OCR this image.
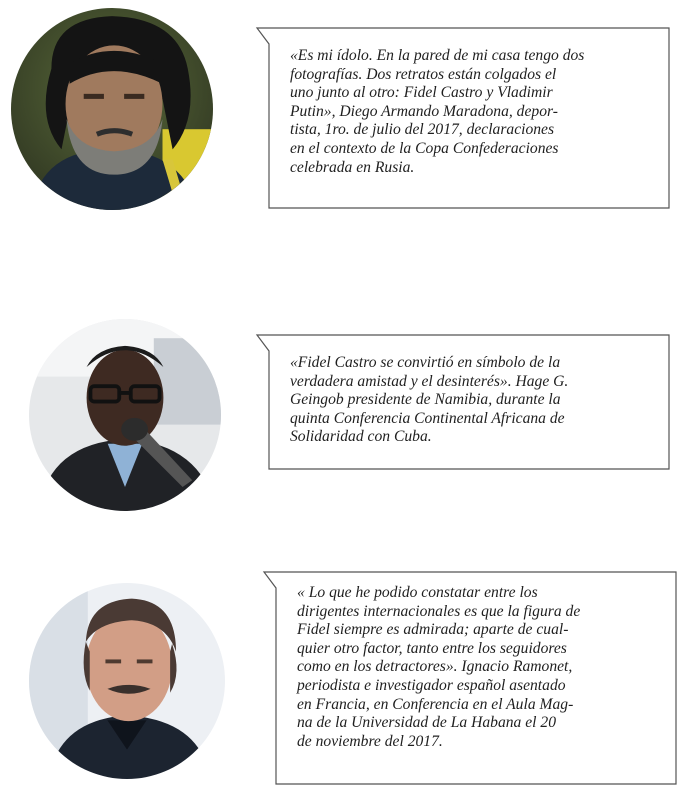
«Es mi ídolo. En la pared de mi casa tengo dos
fotografías. Dos retratos están colgados el
uno junto al otro: Fidel Castro y Vladimir
Putin», Diego Armando Maradona, depor-
tista, 1ro. de julio del 2017, declaraciones
en el contexto de la Copa Confederaciones
celebrada en Rusia.

«Fidel Castro se convirtió en símbolo de la
verdadera amistad y el desinterés». Hage G.
Geingob presidente de Namibia, durante la
quinta Conferencia Continental Africana de
Solidaridad con Cuba.

« Lo que he podido constatar entre los
dirigentes internacionales es que la figura de
Fidel siempre es admirada; aparte de cual-
quier otro factor, tanto entre los seguidores
como en los detractores». Ignacio Ramonet,
periodista e investigador español asentado
en Francia, en Conferencia en el Aula Mag-
na de la Universidad de La Habana el 20
de noviembre del 2017.
